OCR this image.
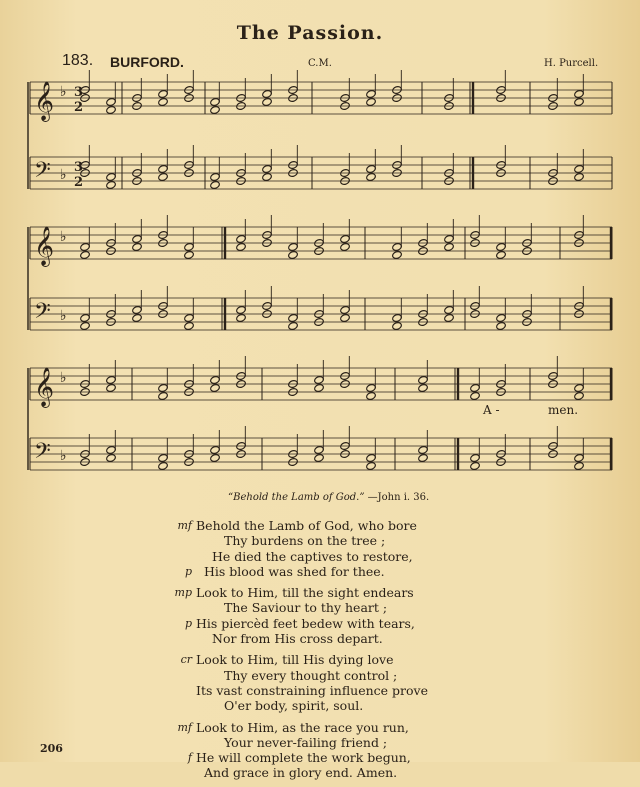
The Passion.
183. BURFORD.	C.M.	H. Purcell.
𝄞 ♭
𝄢 ♭
𝄞 ♭
𝄢 ♭
𝄞 ♭
𝄢 ♭
3
2
3
2
A -	men.
“Behold the Lamb of God.” —John i. 36.
mf Behold the Lamb of God, who bore
Thy burdens on the tree ;
He died the captives to restore,
p His blood was shed for thee.
mp Look to Him, till the sight endears
The Saviour to thy heart ;
p His piercèd feet bedew with tears,
Nor from His cross depart.
cr Look to Him, till His dying love
Thy every thought control ;
Its vast constraining influence prove
O'er body, spirit, soul.
mf Look to Him, as the race you run,
Your never-failing friend ;
f He will complete the work begun,
And grace in glory end. Amen.
206
